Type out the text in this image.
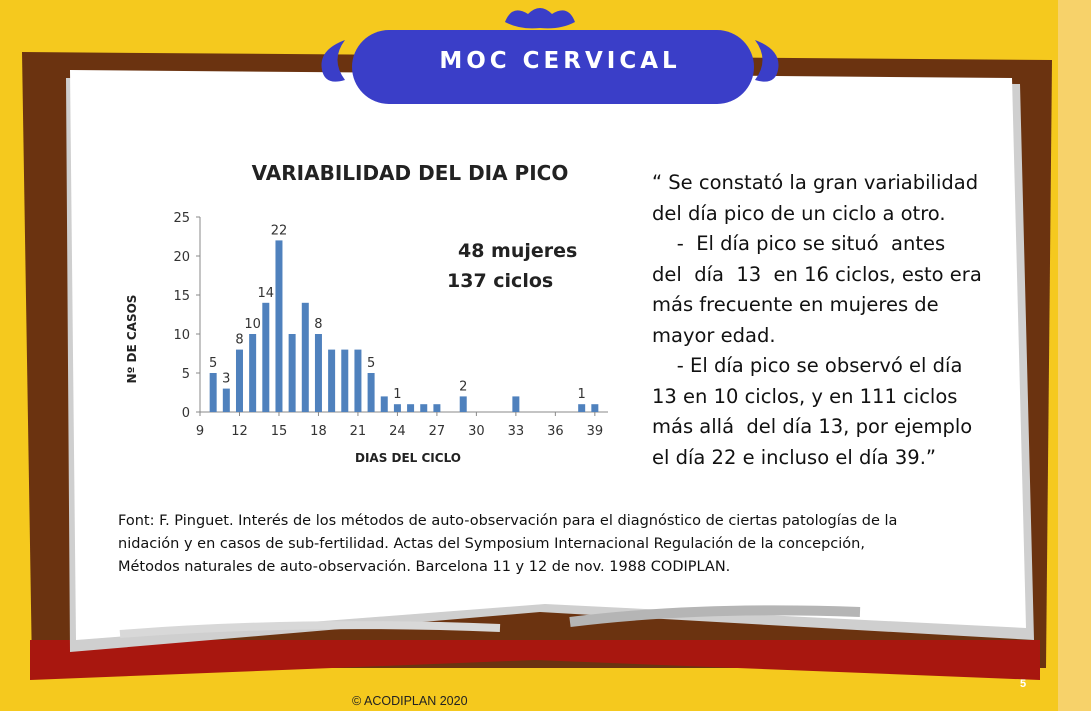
MOC CERVICAL
VARIABILIDAD DEL DIA PICO
48 mujeres
137 ciclos
0
5
10
15
20
25
9 12 15 18 21 24 27 30 33 36 39
5
3
8
10
14
22
8
5
1
2
1
DIAS DEL CICLO
Nº DE CASOS
“ Se constató la gran variabilidad
del día pico de un ciclo a otro.
-  El día pico se situó  antes
del  día  13  en 16 ciclos, esto era
más frecuente en mujeres de
mayor edad.
- El día pico se observó el día
13 en 10 ciclos, y en 111 ciclos
más allá  del día 13, por ejemplo
el día 22 e incluso el día 39.”
Font: F. Pinguet. Interés de los métodos de auto-observación para el diagnóstico de ciertas patologías de la
nidación y en casos de sub-fertilidad. Actas del Symposium Internacional Regulación de la concepción,
Métodos naturales de auto-observación. Barcelona 11 y 12 de nov. 1988 CODIPLAN.
© ACODIPLAN 2020
5
